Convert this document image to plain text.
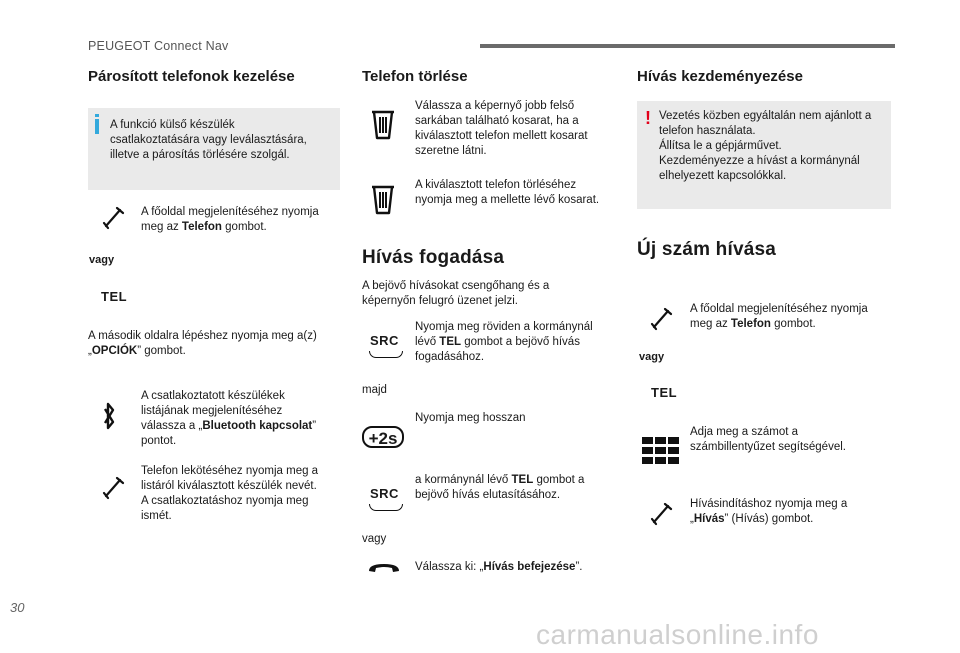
PEUGEOT Connect Nav
Párosított telefonok kezelése
A funkció külső készülék
csatlakoztatására vagy leválasztására,
illetve a párosítás törlésére szolgál.
A főoldal megjelenítéséhez nyomja
meg az Telefon gombot.
vagy
TEL
A második oldalra lépéshez nyomja meg a(z)
„OPCIÓK” gombot.
A csatlakoztatott készülékek
listájának megjelenítéséhez
válassza a „Bluetooth kapcsolat”
pontot.
Telefon lekötéséhez nyomja meg a
listáról kiválasztott készülék nevét.
A csatlakoztatáshoz nyomja meg
ismét.
Telefon törlése
Válassza a képernyő jobb felső
sarkában található kosarat, ha a
kiválasztott telefon mellett kosarat
szeretne látni.
A kiválasztott telefon törléséhez
nyomja meg a mellette lévő kosarat.
Hívás fogadása
A bejövő hívásokat csengőhang és a
képernyőn felugró üzenet jelzi.
SRC
Nyomja meg röviden a kormánynál
lévő TEL gombot a bejövő hívás
fogadásához.
majd
+2s
Nyomja meg hosszan
SRC
a kormánynál lévő TEL gombot a
bejövő hívás elutasításához.
vagy
Válassza ki: „Hívás befejezése”.
Hívás kezdeményezése
! Vezetés közben egyáltalán nem ajánlott a
telefon használata.
Állítsa le a gépjárművet.
Kezdeményezze a hívást a kormánynál
elhelyezett kapcsolókkal.
Új szám hívása
A főoldal megjelenítéséhez nyomja
meg az Telefon gombot.
vagy
TEL
Adja meg a számot a
számbillentyűzet segítségével.
Hívásindításhoz nyomja meg a
„Hívás” (Hívás) gombot.
30
carmanualsonline.info
